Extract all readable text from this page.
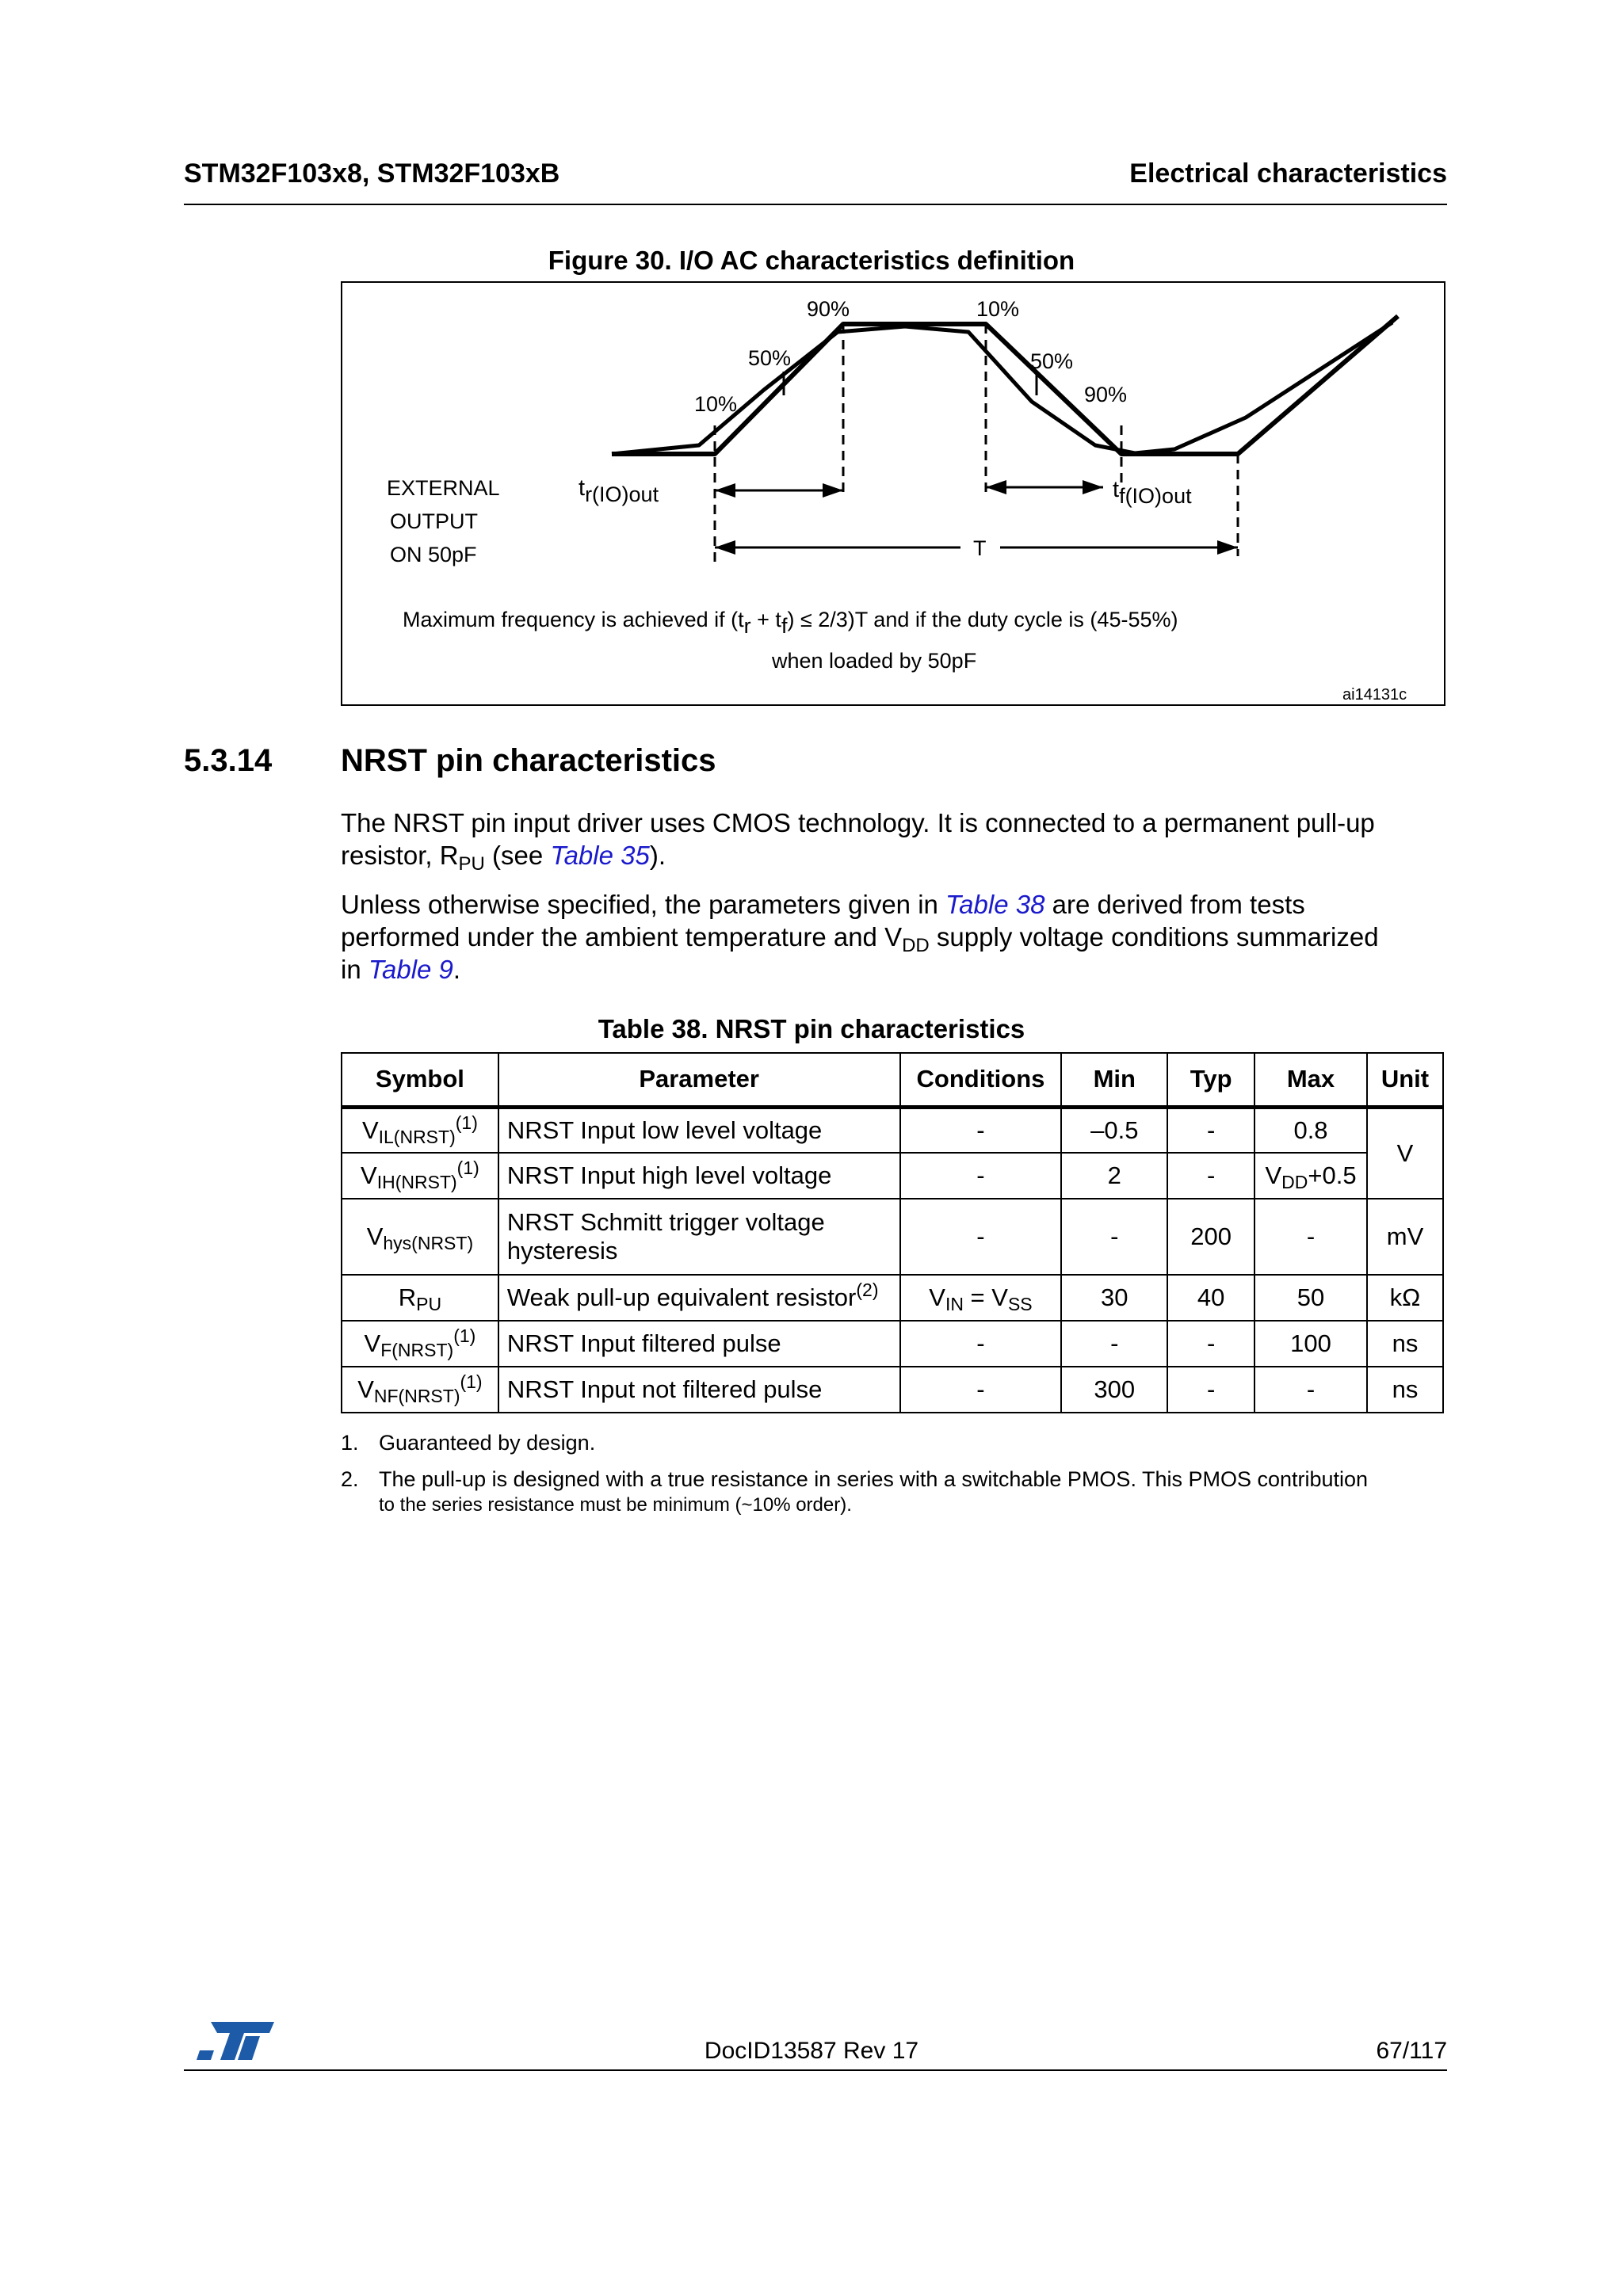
STM32F103x8, STM32F103xB	Electrical characteristics
Figure 30. I/O AC characteristics definition
90%	10%
50%	50%
10%	90%
EXTERNAL
OUTPUT
ON 50pF
tr(IO)out	tf(IO)out
T
Maximum frequency is achieved if (tr + tf) ≤ 2/3)T and if the duty cycle is (45-55%)
when loaded by 50pF
ai14131c
5.3.14 NRST pin characteristics
The NRST pin input driver uses CMOS technology. It is connected to a permanent pull-up
resistor, $R_{PU}$ (see Table 35).
Unless otherwise specified, the parameters given in Table 38 are derived from tests
performed under the ambient temperature and $V_{DD}$ supply voltage conditions summarized
in Table 9.
Table 38. NRST pin characteristics
Symbol	Parameter	Conditions	Min	Typ	Max	Unit
$V_{IL(NRST)}^{(1)}$	NRST Input low level voltage	-	–0.5	-	0.8	V
$V_{IH(NRST)}^{(1)}$	NRST Input high level voltage	-	2	-	$V_{DD}+0.5$	
$V_{hys(NRST)}$	NRST Schmitt trigger voltage
hysteresis	-	-	200	-	mV
$R_{PU}$	Weak pull-up equivalent resistor$^{(2)}$	$V_{IN} = V_{SS}$	30	40	50	kΩ
$V_{F(NRST)}^{(1)}$	NRST Input filtered pulse	-	-	-	100	ns
$V_{NF(NRST)}^{(1)}$	NRST Input not filtered pulse	-	300	-	-	ns
1. Guaranteed by design.
2. The pull-up is designed with a true resistance in series with a switchable PMOS. This PMOS contribution
to the series resistance must be minimum (~10% order).
DocID13587 Rev 17	67/117
